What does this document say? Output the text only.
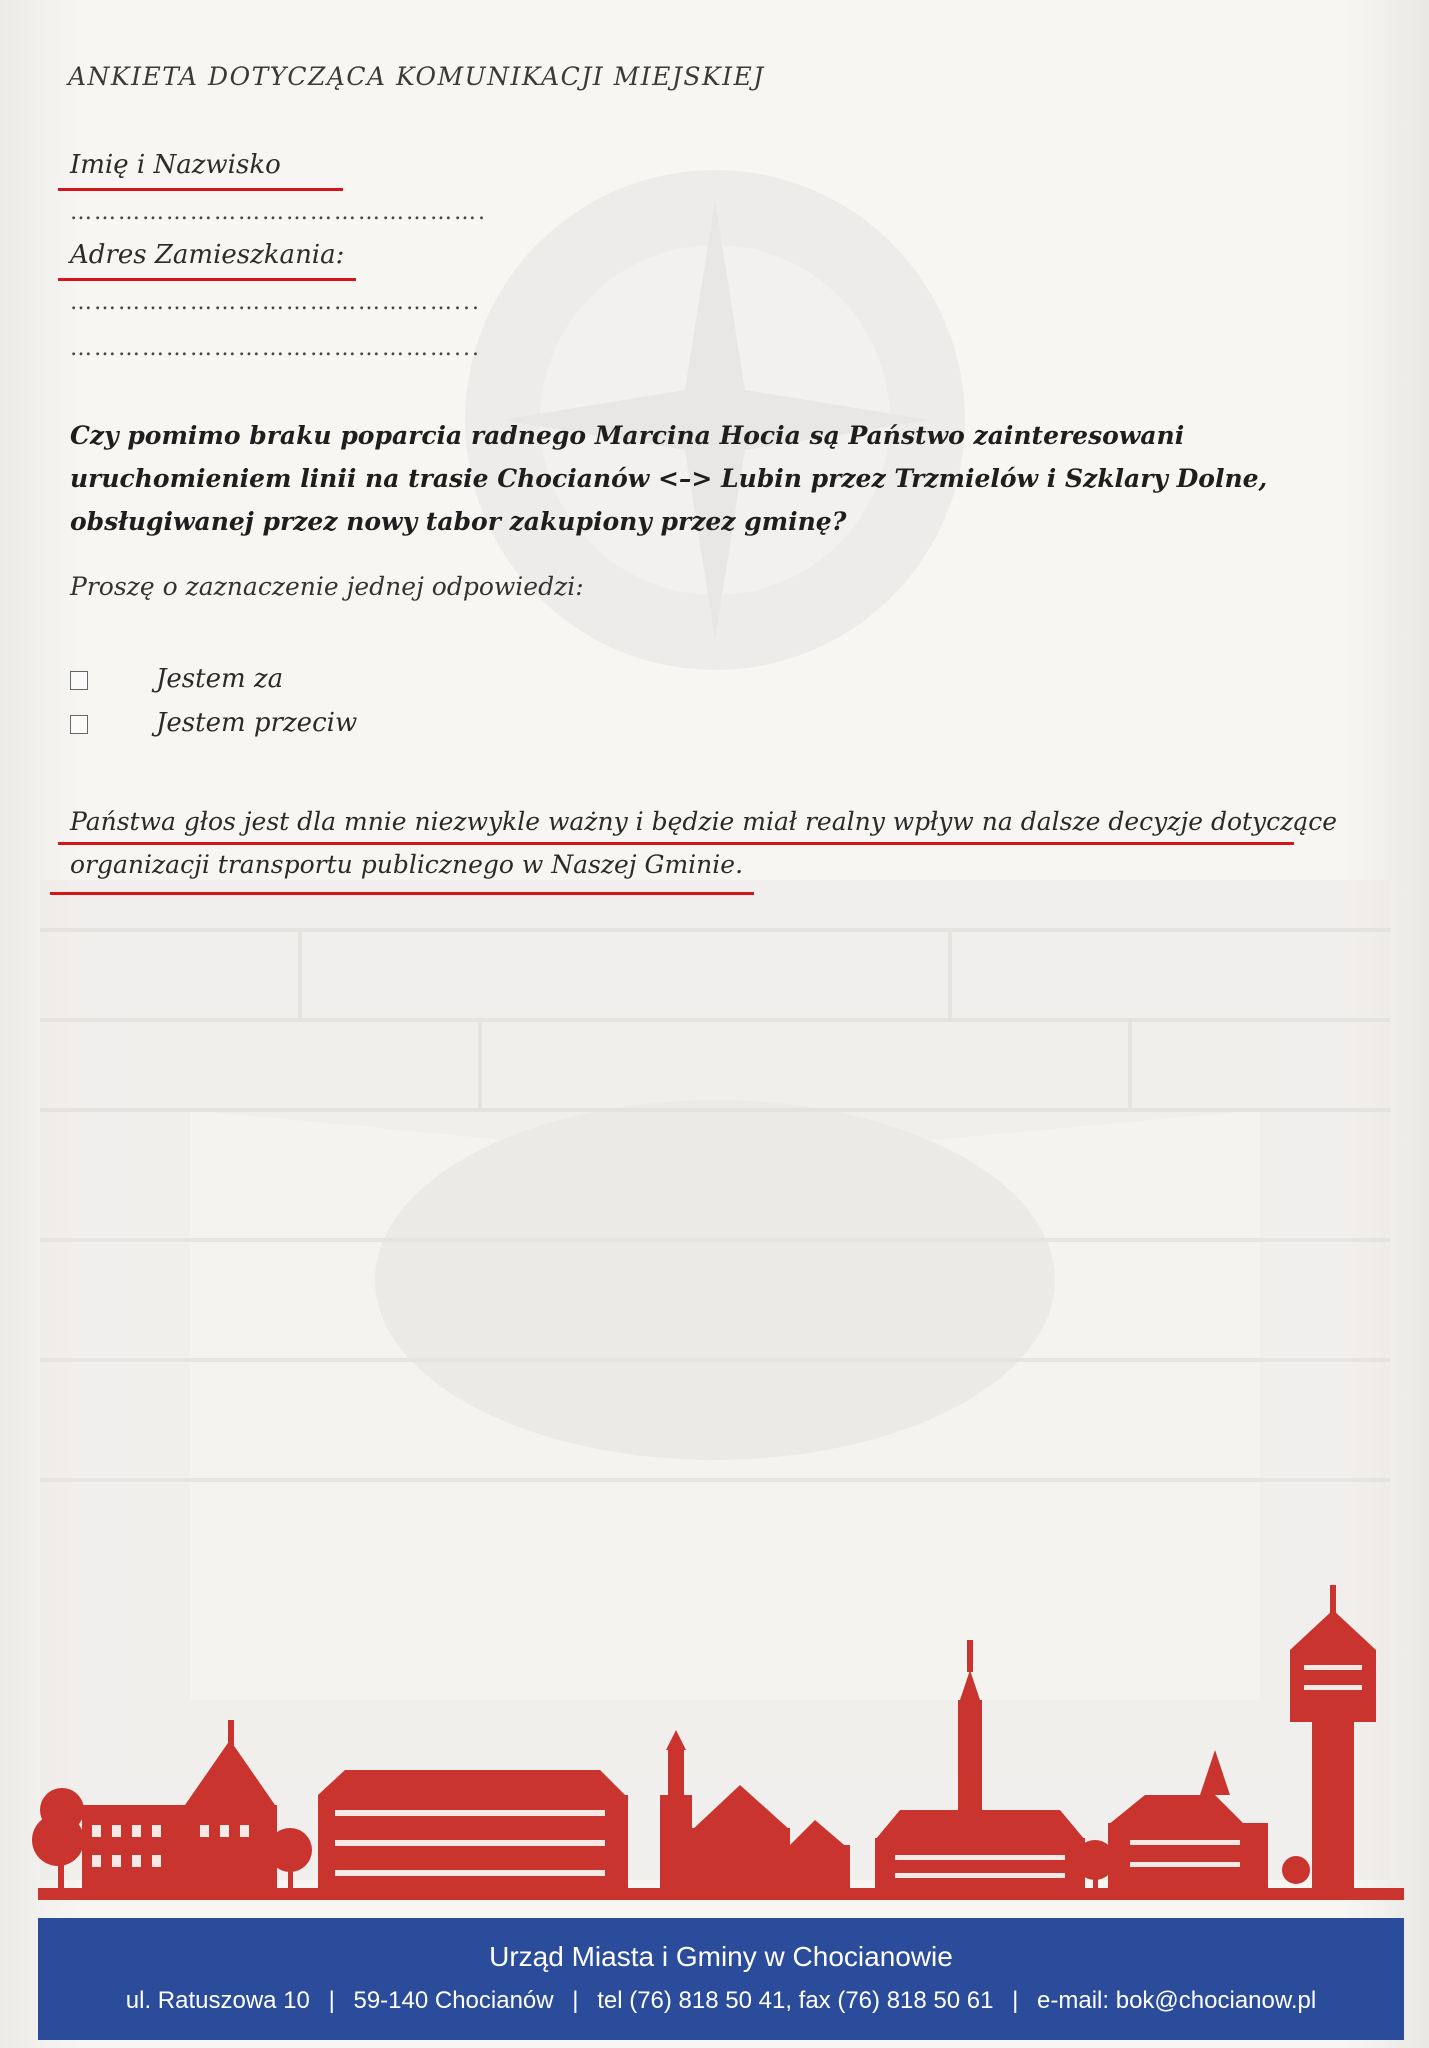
ANKIETA DOTYCZĄCA KOMUNIKACJI MIEJSKIEJ
Imię i Nazwisko
…………………………………………….
Adres Zamieszkania:
…………………………………………...
…………………………………………...
Czy pomimo braku poparcia radnego Marcina Hocia są Państwo zainteresowani uruchomieniem linii na trasie Chocianów <–> Lubin przez Trzmielów i Szklary Dolne, obsługiwanej przez nowy tabor zakupiony przez gminę?
Proszę o zaznaczenie jednej odpowiedzi:
Jestem za
Jestem przeciw
Państwa głos jest dla mnie niezwykle ważny i będzie miał realny wpływ na dalsze decyzje dotyczące
organizacji transportu publicznego w Naszej Gminie.
Urząd Miasta i Gminy w Chocianowie
ul. Ratuszowa 10 | 59-140 Chocianów | tel (76) 818 50 41, fax (76) 818 50 61 | e-mail: bok@chocianow.pl
